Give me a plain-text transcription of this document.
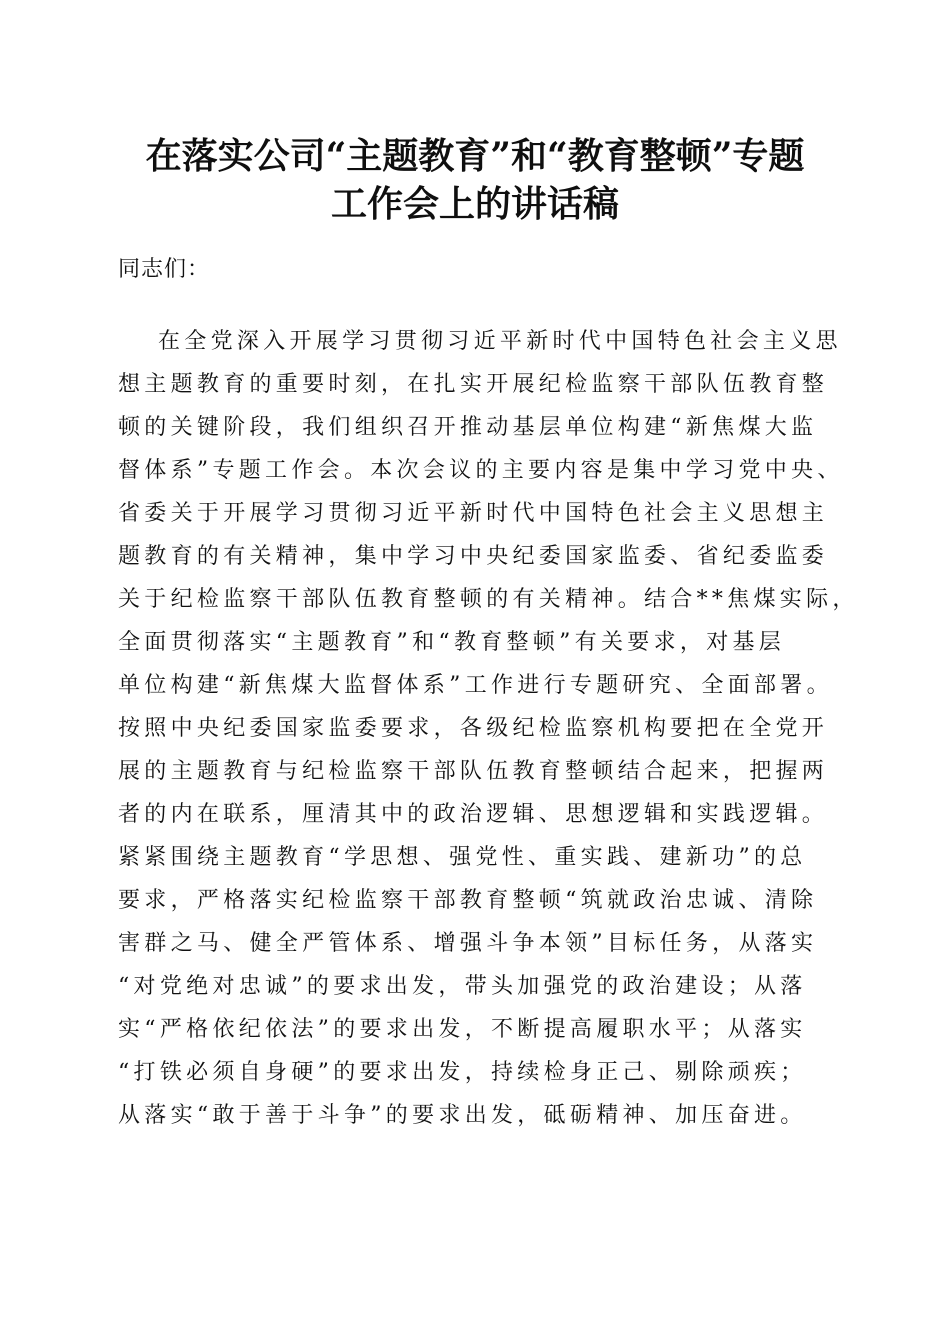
在落实公司“主题教育”和“教育整顿”专题
工作会上的讲话稿
同志们：
在全党深入开展学习贯彻习近平新时代中国特色社会主义思
想主题教育的重要时刻，在扎实开展纪检监察干部队伍教育整
顿的关键阶段，我们组织召开推动基层单位构建“新焦煤大监
督体系”专题工作会。本次会议的主要内容是集中学习党中央、
省委关于开展学习贯彻习近平新时代中国特色社会主义思想主
题教育的有关精神，集中学习中央纪委国家监委、省纪委监委
关于纪检监察干部队伍教育整顿的有关精神。结合**焦煤实际，
全面贯彻落实“主题教育”和“教育整顿”有关要求，对基层
单位构建“新焦煤大监督体系”工作进行专题研究、全面部署。
按照中央纪委国家监委要求，各级纪检监察机构要把在全党开
展的主题教育与纪检监察干部队伍教育整顿结合起来，把握两
者的内在联系，厘清其中的政治逻辑、思想逻辑和实践逻辑。
紧紧围绕主题教育“学思想、强党性、重实践、建新功”的总
要求，严格落实纪检监察干部教育整顿“筑就政治忠诚、清除
害群之马、健全严管体系、增强斗争本领”目标任务，从落实
“对党绝对忠诚”的要求出发，带头加强党的政治建设；从落
实“严格依纪依法”的要求出发，不断提高履职水平；从落实
“打铁必须自身硬”的要求出发，持续检身正己、剔除顽疾；
从落实“敢于善于斗争”的要求出发，砥砺精神、加压奋进。
